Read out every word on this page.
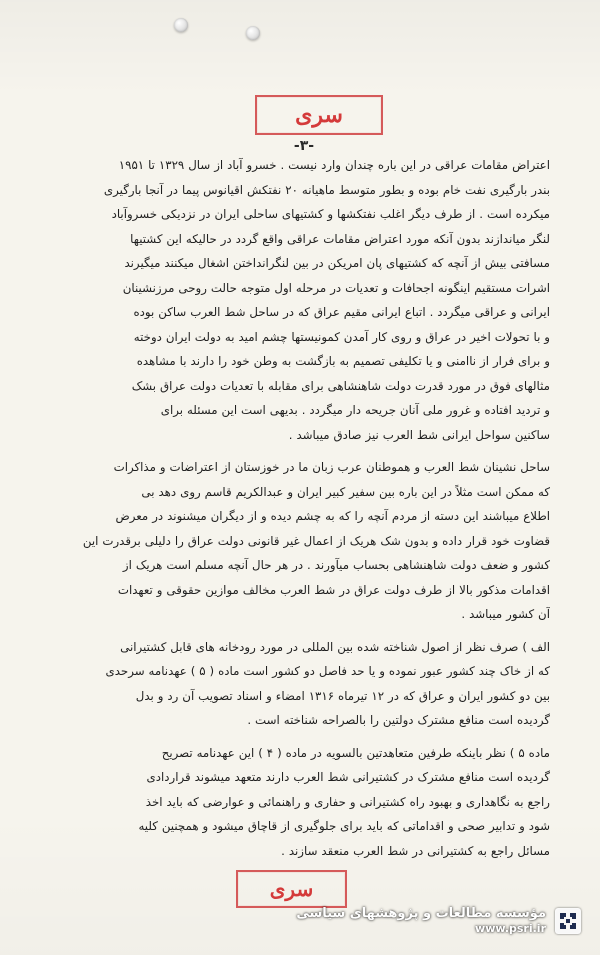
سری
-۳-
اعتراض مقامات عراقی در این باره چندان وارد نیست . خسرو آباد از سال ۱۳۲۹ تا ۱۹۵۱
بندر بارگیری نفت خام بوده و بطور متوسط ماهیانه ۲۰ نفتکش اقیانوس پیما در آنجا بارگیری
میکرده است . از طرف دیگر اغلب نفتکشها و کشتیهای ساحلی ایران در نزدیکی خسروآباد
لنگر میاندازند بدون آنکه مورد اعتراض مقامات عراقی واقع گردد در حالیکه این کشتیها
مسافتی بیش از آنچه که کشتیهای پان امریکن در بین لنگرانداختن اشغال میکنند میگیرند
اشرات مستقیم اینگونه اجحافات و تعدیات در مرحله اول متوجه حالت روحی مرزنشینان
ایرانی و عراقی میگردد . اتباع ایرانی مقیم عراق که در ساحل شط العرب ساکن بوده
و با تحولات اخیر در عراق و روی کار آمدن کمونیستها چشم امید به دولت ایران دوخته
و برای فرار از ناامنی و یا تکلیفی تصمیم به بازگشت به وطن خود را دارند با مشاهده
مثالهای فوق در مورد قدرت دولت شاهنشاهی برای مقابله با تعدیات دولت عراق بشک
و تردید افتاده و غرور ملی آنان جریحه دار میگردد . بدیهی است این مسئله برای
ساکنین سواحل ایرانی شط العرب نیز صادق میباشد .
ساحل نشینان شط العرب و هموطنان عرب زبان ما در خوزستان از اعتراضات و مذاکرات
که ممکن است مثلاً در این باره بین سفیر کبیر ایران و عبدالکریم قاسم روی دهد بی
اطلاع میباشند این دسته از مردم آنچه را که به چشم دیده و از دیگران میشنوند در معرض
قضاوت خود قرار داده و بدون شک هریک از اعمال غیر قانونی دولت عراق را دلیلی برقدرت این
کشور و ضعف دولت شاهنشاهی بحساب میآورند . در هر حال آنچه مسلم است هریک از
اقدامات مذکور بالا از طرف دولت عراق در شط العرب مخالف موازین حقوقی و تعهدات
آن کشور میباشد .
الف ) صرف نظر از اصول شناخته شده بین المللی در مورد رودخانه های قابل کشتیرانی
که از خاک چند کشور عبور نموده و یا حد فاصل دو کشور است ماده ( ۵ ) عهدنامه سرحدی
بین دو کشور ایران و عراق که در ۱۲ تیرماه ۱۳۱۶ امضاء و اسناد تصویب آن رد و بدل
گردیده است منافع مشترک دولتین را بالصراحه شناخته است .
ماده ۵ ) نظر باینکه طرفین متعاهدتین بالسویه در ماده ( ۴ ) این عهدنامه تصریح
گردیده است منافع مشترک در کشتیرانی شط العرب دارند متعهد میشوند قراردادی
راجع به نگاهداری و بهبود راه کشتیرانی و حفاری و راهنمائی و عوارضی که باید اخذ
شود و تدابیر صحی و اقداماتی که باید برای جلوگیری از قاچاق میشود و همچنین کلیه
مسائل راجع به کشتیرانی در شط العرب منعقد سازند .
سری
مؤسسه مطالعات و پژوهشهای سیاسی
www.psri.ir
